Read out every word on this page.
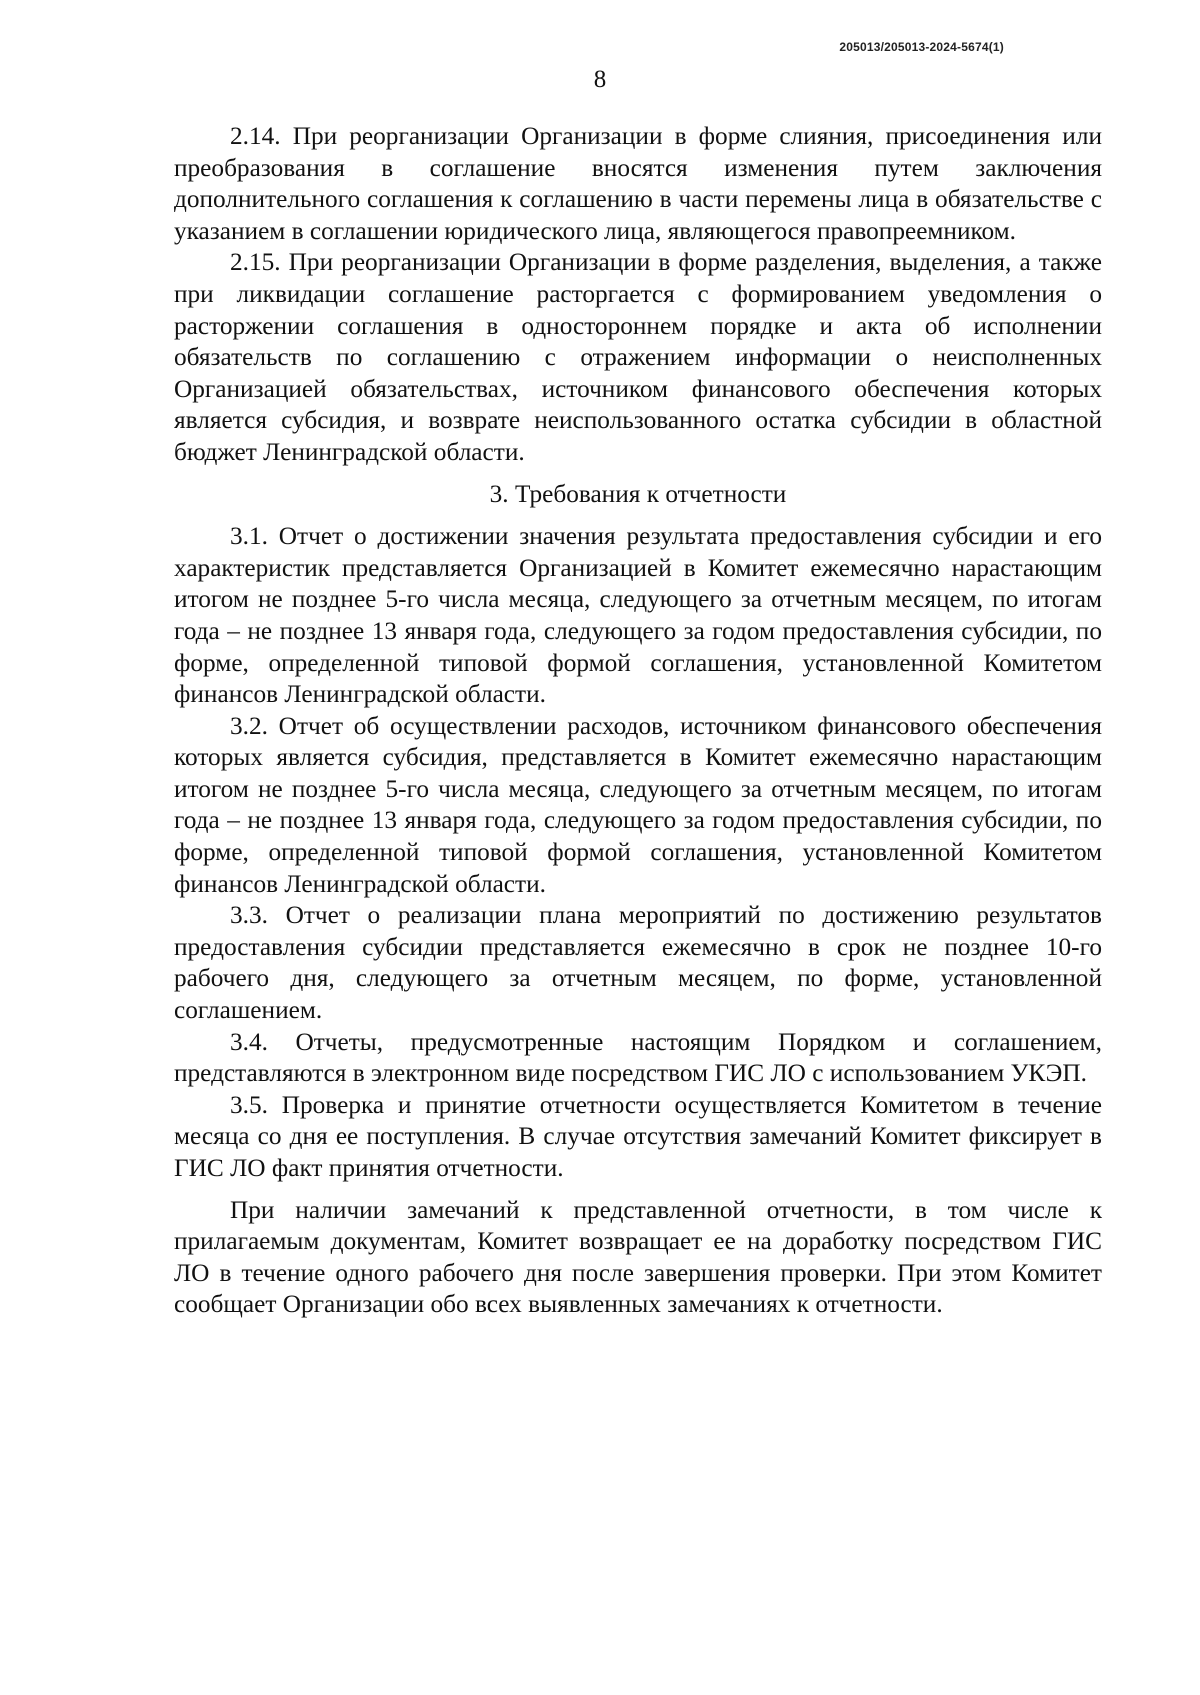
205013/205013-2024-5674(1)
8

2.14. При реорганизации Организации в форме слияния, присоединения или преобразования в соглашение вносятся изменения путем заключения дополнительного соглашения к соглашению в части перемены лица в обязательстве с указанием в соглашении юридического лица, являющегося правопреемником.

2.15. При реорганизации Организации в форме разделения, выделения, а также при ликвидации соглашение расторгается с формированием уведомления о расторжении соглашения в одностороннем порядке и акта об исполнении обязательств по соглашению с отражением информации о неисполненных Организацией обязательствах, источником финансового обеспечения которых является субсидия, и возврате неиспользованного остатка субсидии в областной бюджет Ленинградской области.

3. Требования к отчетности

3.1. Отчет о достижении значения результата предоставления субсидии и его характеристик представляется Организацией в Комитет ежемесячно нарастающим итогом не позднее 5-го числа месяца, следующего за отчетным месяцем, по итогам года – не позднее 13 января года, следующего за годом предоставления субсидии, по форме, определенной типовой формой соглашения, установленной Комитетом финансов Ленинградской области.

3.2. Отчет об осуществлении расходов, источником финансового обеспечения которых является субсидия, представляется в Комитет ежемесячно нарастающим итогом не позднее 5-го числа месяца, следующего за отчетным месяцем, по итогам года – не позднее 13 января года, следующего за годом предоставления субсидии, по форме, определенной типовой формой соглашения, установленной Комитетом финансов Ленинградской области.

3.3. Отчет о реализации плана мероприятий по достижению результатов предоставления субсидии представляется ежемесячно в срок не позднее 10-го рабочего дня, следующего за отчетным месяцем, по форме, установленной соглашением.

3.4. Отчеты, предусмотренные настоящим Порядком и соглашением, представляются в электронном виде посредством ГИС ЛО с использованием УКЭП.

3.5. Проверка и принятие отчетности осуществляется Комитетом в течение месяца со дня ее поступления. В случае отсутствия замечаний Комитет фиксирует в ГИС ЛО факт принятия отчетности.

При наличии замечаний к представленной отчетности, в том числе к прилагаемым документам, Комитет возвращает ее на доработку посредством ГИС ЛО в течение одного рабочего дня после завершения проверки. При этом Комитет сообщает Организации обо всех выявленных замечаниях к отчетности.
